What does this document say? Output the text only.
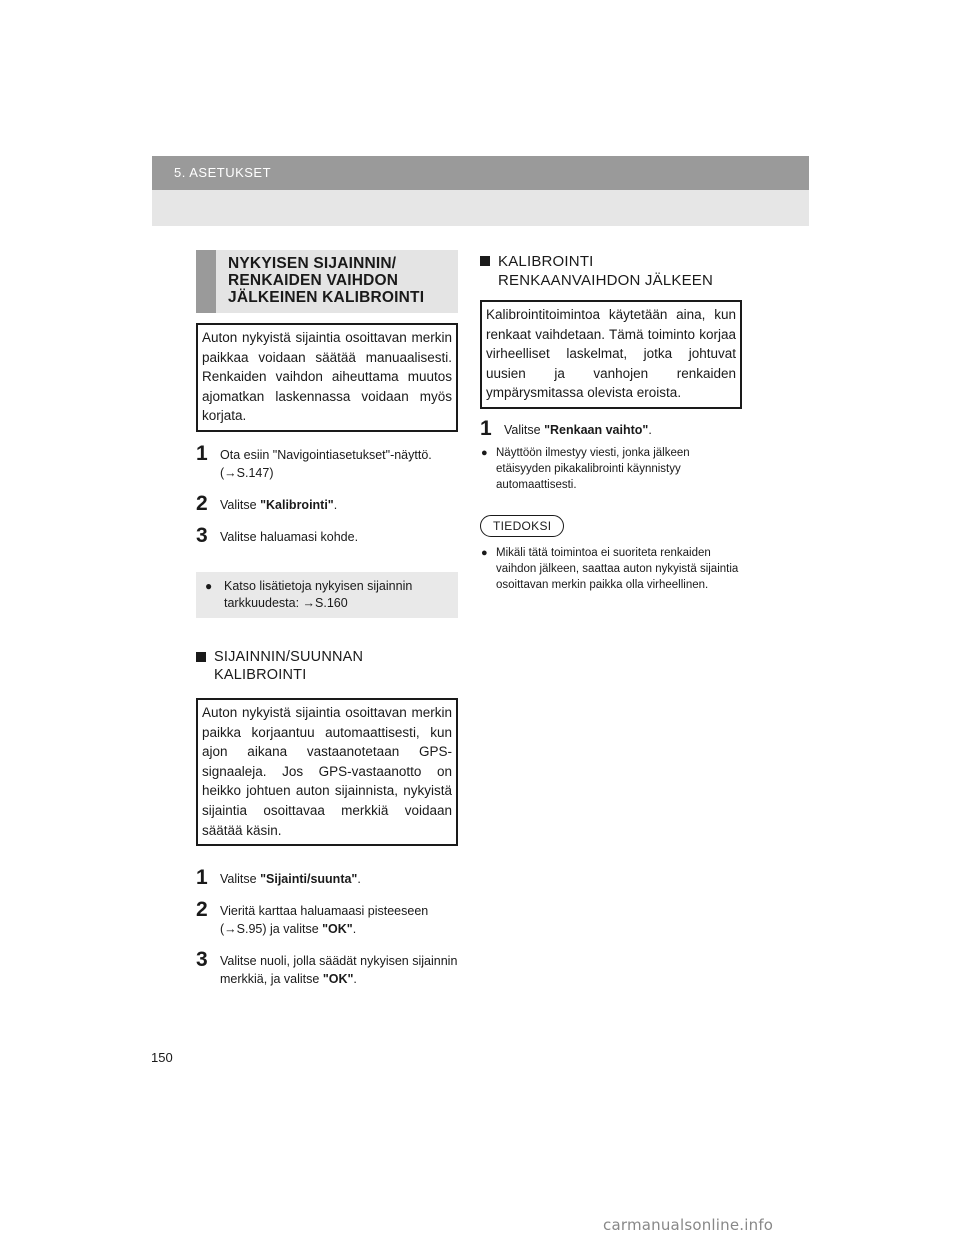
5. ASETUKSET
NYKYISEN SIJAINNIN/
RENKAIDEN VAIHDON
JÄLKEINEN KALIBROINTI
Auton nykyistä sijaintia osoittavan merkin paikkaa voidaan säätää manuaalisesti. Renkaiden vaihdon aiheuttama muutos ajomatkan laskennassa voidaan myös korjata.
1 Ota esiin "Navigointiasetukset"-näyttö. (→S.147)
2 Valitse "Kalibrointi".
3 Valitse haluamasi kohde.
● Katso lisätietoja nykyisen sijainnin tarkkuudesta: →S.160
SIJAINNIN/SUUNNAN
KALIBROINTI
Auton nykyistä sijaintia osoittavan merkin paikka korjaantuu automaattisesti, kun ajon aikana vastaanotetaan GPS-signaaleja. Jos GPS-vastaanotto on heikko johtuen auton sijainnista, nykyistä sijaintia osoittavaa merkkiä voidaan säätää käsin.
1 Valitse "Sijainti/suunta".
2 Vieritä karttaa haluamaasi pisteeseen (→S.95) ja valitse "OK".
3 Valitse nuoli, jolla säädät nykyisen sijainnin merkkiä, ja valitse "OK".
KALIBROINTI
RENKAANVAIHDON JÄLKEEN
Kalibrointitoimintoa käytetään aina, kun renkaat vaihdetaan. Tämä toiminto korjaa virheelliset laskelmat, jotka johtuvat uusien ja vanhojen renkaiden ympärysmitassa olevista eroista.
1 Valitse "Renkaan vaihto".
● Näyttöön ilmestyy viesti, jonka jälkeen etäisyyden pikakalibrointi käynnistyy automaattisesti.
TIEDOKSI
● Mikäli tätä toimintoa ei suoriteta renkaiden vaihdon jälkeen, saattaa auton nykyistä sijaintia osoittavan merkin paikka olla virheellinen.
150
carmanualsonline.info
